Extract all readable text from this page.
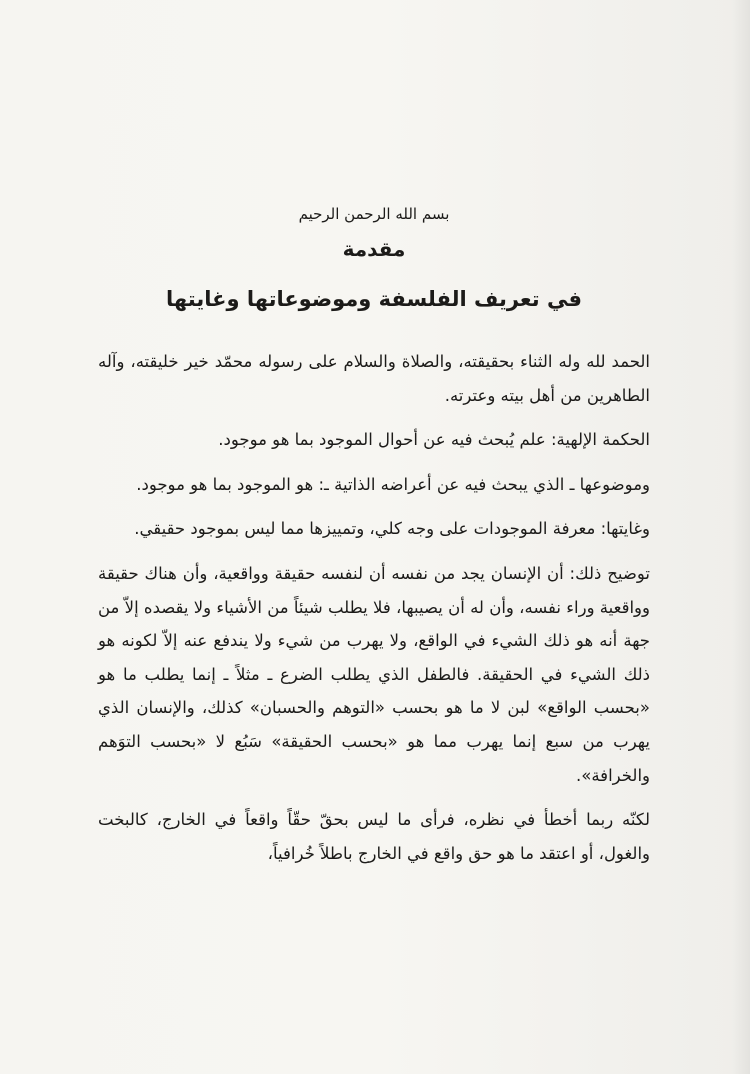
بسم الله الرحمن الرحيم
مقدمة
في تعريف الفلسفة وموضوعاتها وغايتها

الحمد لله وله الثناء بحقيقته، والصلاة والسلام على رسوله محمّد خير خليقته، وآله الطاهرين من أهل بيته وعترته.

الحكمة الإلهية: علم يُبحث فيه عن أحوال الموجود بما هو موجود.

وموضوعها ـ الذي يبحث فيه عن أعراضه الذاتية ـ: هو الموجود بما هو موجود.

وغايتها: معرفة الموجودات على وجه كلي، وتمييزها مما ليس بموجود حقيقي.

توضيح ذلك: أن الإنسان يجد من نفسه أن لنفسه حقيقة وواقعية، وأن هناك حقيقة وواقعية وراء نفسه، وأن له أن يصيبها، فلا يطلب شيئاً من الأشياء ولا يقصده إلاّ من جهة أنه هو ذلك الشيء في الواقع، ولا يهرب من شيء ولا يندفع عنه إلاّ لكونه هو ذلك الشيء في الحقيقة. فالطفل الذي يطلب الضرع ـ مثلاً ـ إنما يطلب ما هو «بحسب الواقع» لبن لا ما هو بحسب «التوهم والحسبان» كذلك، والإنسان الذي يهرب من سبع إنما يهرب مما هو «بحسب الحقيقة» سَبُع لا «بحسب التوَهم والخرافة».

لكنّه ربما أخطأ في نظره، فرأى ما ليس بحقّ حقّاً واقعاً في الخارج، كالبخت والغول، أو اعتقد ما هو حق واقع في الخارج باطلاً خُرافياً،
